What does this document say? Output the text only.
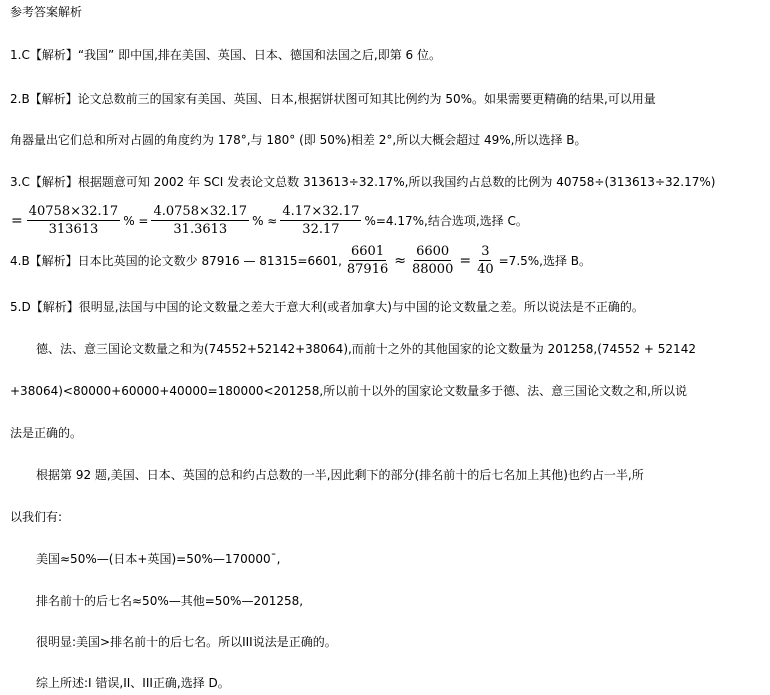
参考答案解析
1.C【解析】“我国” 即中国,排在美国、英国、日本、德国和法国之后,即第 6 位。
2.B【解析】论文总数前三的国家有美国、英国、日本,根据饼状图可知其比例约为 50%。如果需要更精确的结果,可以用量
角器量出它们总和所对占圆的角度约为 178°,与 180° (即 50%)相差 2°,所以大概会超过 49%,所以选择 B。
3.C【解析】根据题意可知 2002 年 SCI 发表论文总数 313613÷32.17%,所以我国约占总数的比例为 40758÷(313613÷32.17%)
= $\frac{40758\times 32.17}{313613}$ % = $\frac{4.0758\times 32.17}{31.3613}$ % ≈ $\frac{4.17\times 32.17}{32.17} \%=4.17\%$,结合选项,选择 C。
4.B【解析】日本比英国的论文数少 87916 — 81315=6601, $\frac{6601}{87916} \approx \frac{6600}{88000} = \frac{3}{40} =7.5\%$,选择 B。
5.D【解析】很明显,法国与中国的论文数量之差大于意大利(或者加拿大)与中国的论文数量之差。所以说法是不正确的。
德、法、意三国论文数量之和为(74552+52142+38064),而前十之外的其他国家的论文数量为 201258,(74552 + 52142
+38064)<80000+60000+40000=180000<201258,所以前十以外的国家论文数量多于德、法、意三国论文数之和,所以说
法是正确的。
根据第 92 题,美国、日本、英国的总和约占总数的一半,因此剩下的部分(排名前十的后七名加上其他)也约占一半,所
以我们有:
美国≈50%—(日本+英国)=50%—170000ˉ,
排名前十的后七名≈50%—其他=50%—201258,
很明显:美国>排名前十的后七名。所以III说法是正确的。
综上所述:I 错误,II、III正确,选择 D。
